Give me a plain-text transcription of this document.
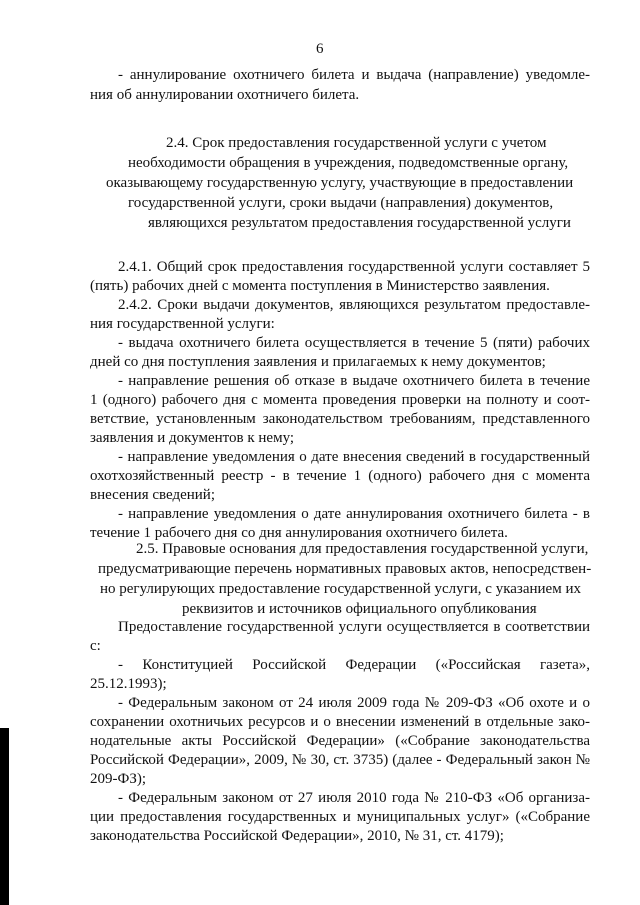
6
- аннулирование охотничего билета и выдача (направление) уведомле-
ния об аннулировании охотничего билета.
2.4. Срок предоставления государственной услуги с учетом
необходимости обращения в учреждения, подведомственные органу,
оказывающему государственную услугу, участвующие в предоставлении
государственной услуги, сроки выдачи (направления) документов,
являющихся результатом предоставления государственной услуги
2.4.1. Общий срок предоставления государственной услуги составляет 5
(пять) рабочих дней с момента поступления в Министерство заявления.
2.4.2. Сроки выдачи документов, являющихся результатом предоставле-
ния государственной услуги:
- выдача охотничего билета осуществляется в течение 5 (пяти) рабочих
дней со дня поступления заявления и прилагаемых к нему документов;
- направление решения об отказе в выдаче охотничего билета в течение
1 (одного) рабочего дня с момента проведения проверки на полноту и соот-
ветствие, установленным законодательством требованиям, представленного
заявления и документов к нему;
- направление уведомления о дате внесения сведений в государственный
охотхозяйственный реестр - в течение 1 (одного) рабочего дня с момента
внесения сведений;
- направление уведомления о дате аннулирования охотничего билета - в
течение 1 рабочего дня со дня аннулирования охотничего билета.
2.5. Правовые основания для предоставления государственной услуги,
предусматривающие перечень нормативных правовых актов, непосредствен-
но регулирующих предоставление государственной услуги, с указанием их
реквизитов и источников официального опубликования
Предоставление государственной услуги осуществляется в соответствии
с:
- Конституцией Российской Федерации («Российская газета»,
25.12.1993);
- Федеральным законом от 24 июля 2009 года № 209-ФЗ «Об охоте и о
сохранении охотничьих ресурсов и о внесении изменений в отдельные зако-
нодательные акты Российской Федерации» («Собрание законодательства
Российской Федерации», 2009, № 30, ст. 3735) (далее - Федеральный закон №
209-ФЗ);
- Федеральным законом от 27 июля 2010 года № 210-ФЗ «Об организа-
ции предоставления государственных и муниципальных услуг» («Собрание
законодательства Российской Федерации», 2010, № 31, ст. 4179);
